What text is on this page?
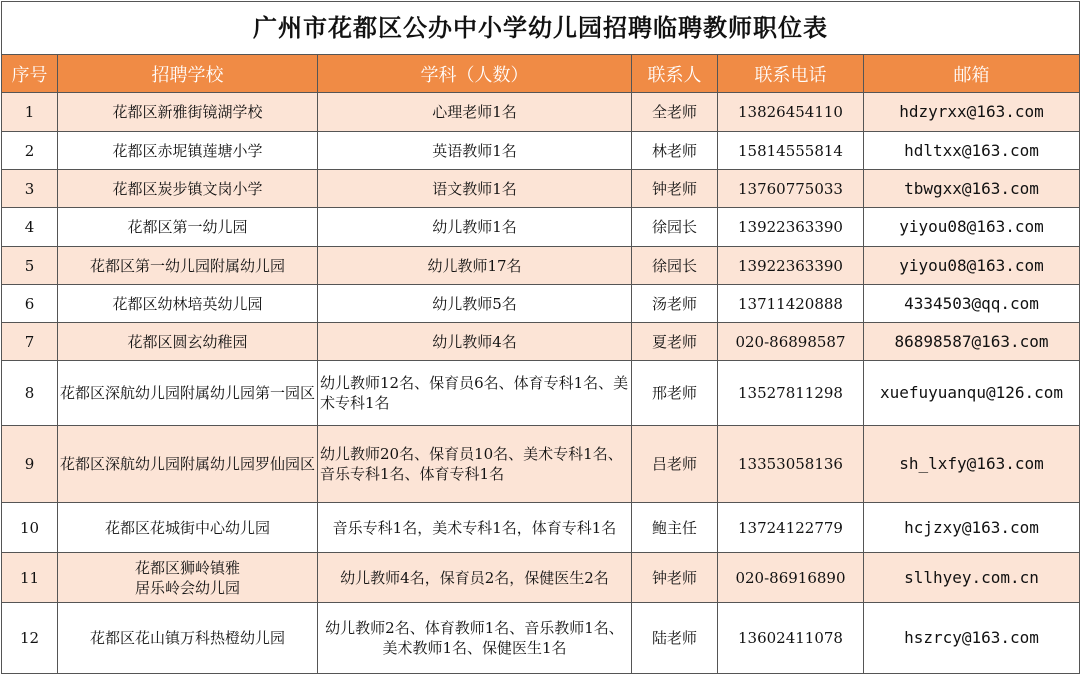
广州市花都区公办中小学幼儿园招聘临聘教师职位表					
序号	招聘学校	学科（人数）	联系人	联系电话	邮箱
1	花都区新雅街镜湖学校	心理老师1名	全老师	13826454110	hdzyrxx@163.com
2	花都区赤坭镇莲塘小学	英语教师1名	林老师	15814555814	hdltxx@163.com
3	花都区炭步镇文岗小学	语文教师1名	钟老师	13760775033	tbwgxx@163.com
4	花都区第一幼儿园	幼儿教师1名	徐园长	13922363390	yiyou08@163.com
5	花都区第一幼儿园附属幼儿园	幼儿教师17名	徐园长	13922363390	yiyou08@163.com
6	花都区幼林培英幼儿园	幼儿教师5名	汤老师	13711420888	4334503@qq.com
7	花都区圆玄幼稚园	幼儿教师4名	夏老师	020-86898587	86898587@163.com
8	花都区深航幼儿园附属幼儿园第一园区	幼儿教师12名、保育员6名、体育专科1名、美术专科1名	邢老师	13527811298	xuefuyuanqu@126.com
9	花都区深航幼儿园附属幼儿园罗仙园区	幼儿教师20名、保育员10名、美术专科1名、音乐专科1名、体育专科1名	吕老师	13353058136	sh_lxfy@163.com
10	花都区花城街中心幼儿园	音乐专科1名，美术专科1名，体育专科1名	鲍主任	13724122779	hcjzxy@163.com
11	花都区狮岭镇雅居乐岭会幼儿园	幼儿教师4名，保育员2名，保健医生2名	钟老师	020-86916890	sllhyey.com.cn
12	花都区花山镇万科热橙幼儿园	幼儿教师2名、体育教师1名、音乐教师1名、美术教师1名、保健医生1名	陆老师	13602411078	hszrcy@163.com
